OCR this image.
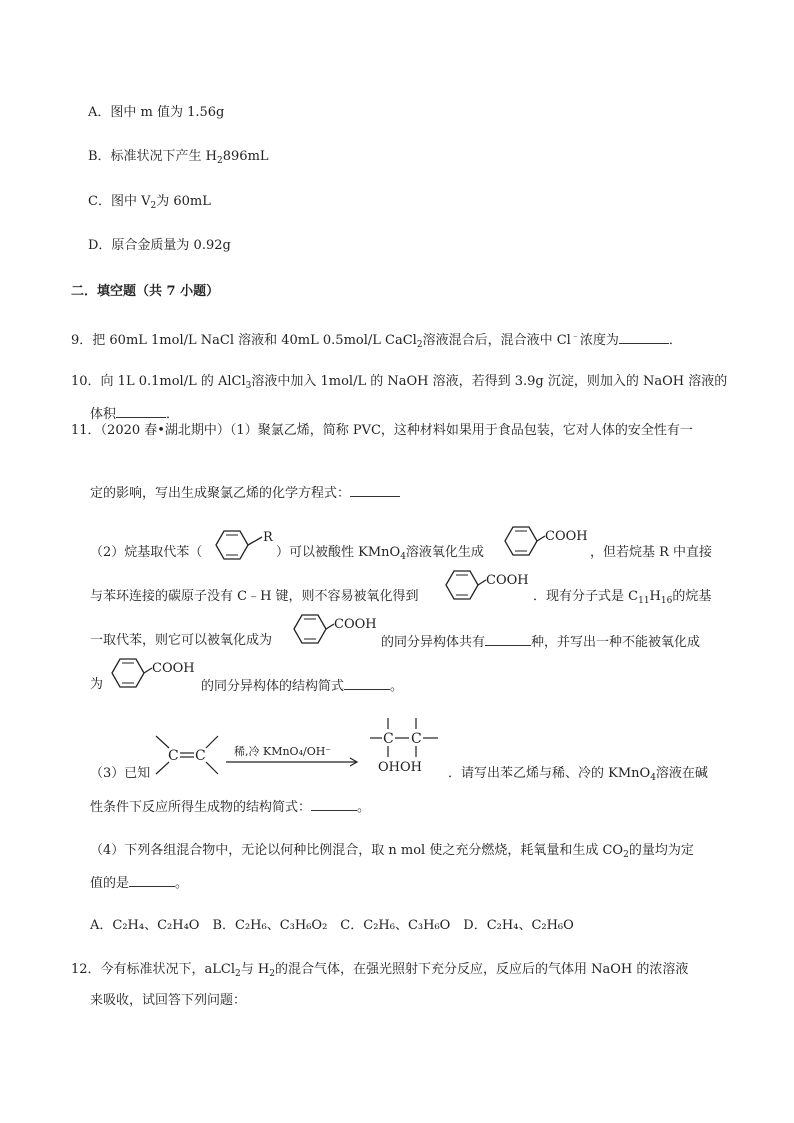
A．图中 m 值为 1.56g
B．标准状况下产生 $H_2896mL$
C．图中 $V_2$为 60mL
D．原合金质量为 0.92g
二．填空题（共 7 小题）
9．把 60mL 1mol/L NaCl 溶液和 40mL 0.5mol/L CaCl$_2$溶液混合后，混合液中 Cl﹣浓度为	．
10．向 1L 0.1mol/L 的 AlCl$_3$溶液中加入 1mol/L 的 NaOH 溶液，若得到 3.9g 沉淀，则加入的 NaOH 溶液的
体积	．
11．（2020 春•湖北期中）（1）聚氯乙烯，简称 PVC，这种材料如果用于食品包装，它对人体的安全性有一
定的影响，写出生成聚氯乙烯的化学方程式：
（2）烷基取代苯（
R
）可以被酸性 KMnO$_4$溶液氧化生成
COOH
，但若烷基 R 中直接
与苯环连接的碳原子没有 C﹣H 键，则不容易被氧化得到
COOH
．现有分子式是 $C_{11}H_{16}$的烷基
一取代苯，则它可以被氧化成为
COOH
的同分异构体共有	种，并写出一种不能被氧化成
为
COOH
的同分异构体的结构简式	。
（3）已知
C C	稀,冷 KMnO₄/OH⁻
C C
OHOH ．请写出苯乙烯与稀、冷的 KMnO$_4$溶液在碱
性条件下反应所得生成物的结构简式：	。
（4）下列各组混合物中，无论以何种比例混合，取 n mol 使之充分燃烧，耗氧量和生成 $CO_2$的量均为定
值的是	。
A．C₂H₄、C₂H₄O　B．C₂H₆、C₃H₆O₂　C．C₂H₆、C₃H₆O　D．C₂H₄、C₂H₆O
12．今有标准状况下，aLCl$_2$与 $H_2$的混合气体，在强光照射下充分反应，反应后的气体用 NaOH 的浓溶液
来吸收，试回答下列问题：
